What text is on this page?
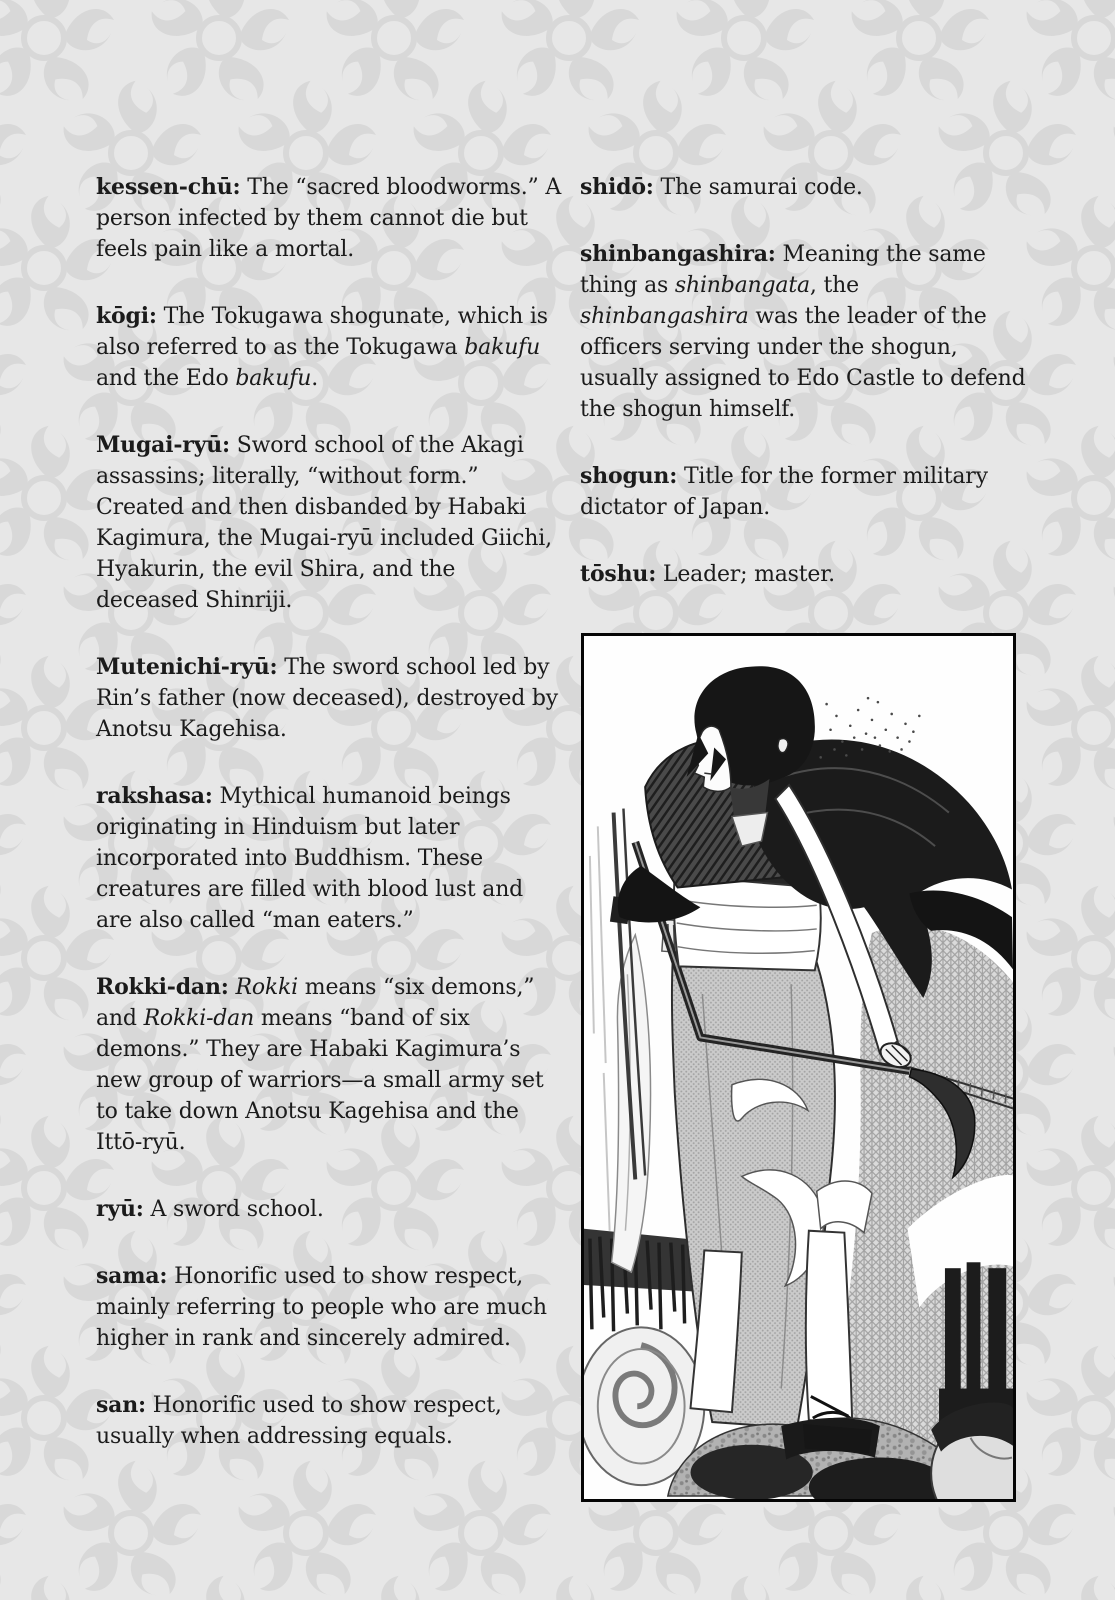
kessen-chū: The “sacred bloodworms.” A person infected by them cannot die but feels pain like a mortal.

kōgi: The Tokugawa shogunate, which is also referred to as the Tokugawa bakufu and the Edo bakufu.

Mugai-ryū: Sword school of the Akagi assassins; literally, “without form.” Created and then disbanded by Habaki Kagimura, the Mugai-ryū included Giichi, Hyakurin, the evil Shira, and the deceased Shinriji.

Mutenichi-ryū: The sword school led by Rin’s father (now deceased), destroyed by Anotsu Kagehisa.

rakshasa: Mythical humanoid beings originating in Hinduism but later incorporated into Buddhism. These creatures are filled with blood lust and are also called “man eaters.”

Rokki-dan: Rokki means “six demons,” and Rokki-dan means “band of six demons.” They are Habaki Kagimura’s new group of warriors—a small army set to take down Anotsu Kagehisa and the Ittō-ryū.

ryū: A sword school.

sama: Honorific used to show respect, mainly referring to people who are much higher in rank and sincerely admired.

san: Honorific used to show respect, usually when addressing equals.

shidō: The samurai code.

shinbangashira: Meaning the same thing as shinbangata, the shinbangashira was the leader of the officers serving under the shogun, usually assigned to Edo Castle to defend the shogun himself.

shogun: Title for the former military dictator of Japan.

tōshu: Leader; master.
